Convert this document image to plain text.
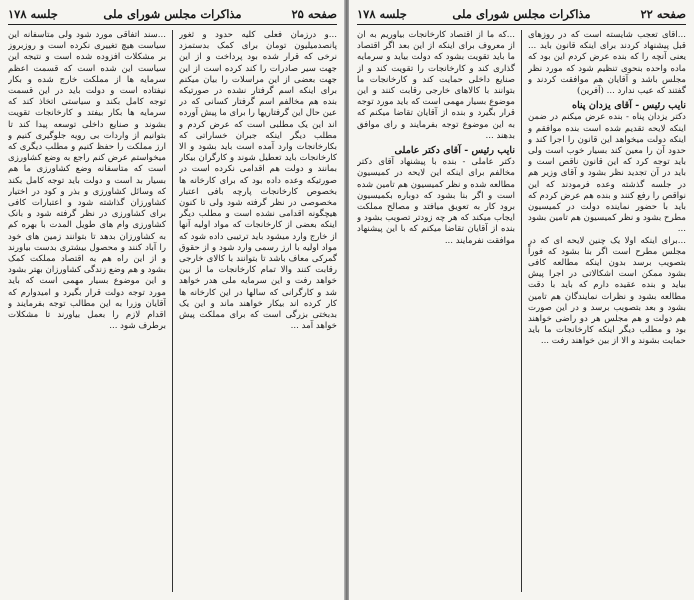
صفحه ۲۵
مذاکرات مجلس شورای ملی
جلسه ۱۷۸

...و درزمان فعلی کلیه حدود و ثغور پانصدمیلیون تومان برای کمک بدستمزد نرخی که قرار شده بود پرداخت و از این جهت سیر صادرات را کند کرده است از این جهت بعضی از این مراسلات را بیان میکنم برای اینکه اسم گرفتار نشده در صورتیکه بنده هم مخالفم اسم گرفتار کسانی که در عین حال این گرفتاریها را برای ما پیش آورده اند این یک مطلبی است که عرض کردم و مطلب دیگر اینکه جبران خساراتی که بکارخانجات وارد آمده است باید بشود و الا کارخانجات باید تعطیل شوند و کارگران بیکار بمانند و دولت هم اقدامی نکرده است در صورتیکه وعده داده بود که برای کارخانه ها بخصوص کارخانجات پارچه بافی اعتبار مخصوصی در نظر گرفته شود ولی تا کنون هیچگونه اقدامی نشده است و مطلب دیگر اینکه بعضی از کارخانجات که مواد اولیه آنها از خارج وارد میشود باید ترتیبی داده شود که مواد اولیه با ارز رسمی وارد شود و از حقوق گمرکی معاف باشد تا بتوانند با کالای خارجی رقابت کنند والا تمام کارخانجات ما از بین خواهد رفت و این سرمایه ملی هدر خواهد شد و کارگرانی که سالها در این کارخانه ها کار کرده اند بیکار خواهند ماند و این یک بدبختی بزرگی است که برای مملکت پیش خواهد آمد ...

...سند اتفاقی مورد شود ولی متاسفانه این سیاست هیچ تغییری نکرده است و روزبروز بر مشکلات افزوده شده است و نتیجه این سیاست این شده است که قسمت اعظم سرمایه ها از مملکت خارج شده و بکار نیفتاده است و دولت باید در این قسمت توجه کامل بکند و سیاستی اتخاذ کند که سرمایه ها بکار بیفتد و کارخانجات تقویت بشوند و صنایع داخلی توسعه پیدا کند تا بتوانیم از واردات بی رویه جلوگیری کنیم و ارز مملکت را حفظ کنیم و مطلب دیگری که میخواستم عرض کنم راجع به وضع کشاورزی است که متاسفانه وضع کشاورزی ما هم بسیار بد است و دولت باید توجه کامل بکند که وسائل کشاورزی و بذر و کود در اختیار کشاورزان گذاشته شود و اعتبارات کافی برای کشاورزی در نظر گرفته شود و بانک کشاورزی وام های طویل المدت با بهره کم به کشاورزان بدهد تا بتوانند زمین های خود را آباد کنند و محصول بیشتری بدست بیاورند و از این راه هم به اقتصاد مملکت کمک بشود و هم وضع زندگی کشاورزان بهتر بشود و این موضوع بسیار مهمی است که باید مورد توجه دولت قرار بگیرد و امیدوارم که آقایان وزرا به این مطالب توجه بفرمایند و اقدام لازم را بعمل بیاورند تا مشکلات برطرف شود ...

صفحه ۲۲
مذاکرات مجلس شورای ملی
جلسه ۱۷۸

...آقای تعجب شایسته است که در روزهای قبل پیشنهاد کردند برای اینکه قانون باید ... یعنی آنچه را که بنده عرض کردم این بود که ماده واحده بنحوی تنظیم شود که مورد نظر مجلس باشد و آقایان هم موافقت کردند و گفتند که عیب ندارد ... (آفرین)

نایب رئیس - آقای یزدان پناه

دکتر یزدان پناه - بنده عرض میکنم در ضمن اینکه لایحه تقدیم شده است بنده موافقم و اینکه دولت میخواهد این قانون را اجرا کند و حدود آن را معین کند بسیار خوب است ولی باید توجه کرد که این قانون ناقص است و باید در آن تجدید نظر بشود و آقای وزیر هم در جلسه گذشته وعده فرمودند که این نواقص را رفع کنند و بنده هم عرض کردم که باید با حضور نماینده دولت در کمیسیون مطرح بشود و نظر کمیسیون هم تامین بشود ...

...برای اینکه اولا یک چنین لایحه ای که در مجلس مطرح است اگر بنا بشود که فوراً بتصویب برسد بدون اینکه مطالعه کافی بشود ممکن است اشکالاتی در اجرا پیش بیاید و بنده عقیده دارم که باید با دقت مطالعه بشود و نظرات نمایندگان هم تامین بشود و بعد بتصویب برسد و در این صورت هم دولت و هم مجلس هر دو راضی خواهند بود و مطلب دیگر اینکه کارخانجات ما باید حمایت بشوند و الا از بین خواهند رفت ...

...که ما از اقتصاد کارخانجات بیاوریم به آن از معروف برای اینکه از این بعد اگر اقتصاد ما باید تقویت بشود که دولت بیاید و سرمایه گذاری کند و کارخانجات را تقویت کند و از صنایع داخلی حمایت کند و کارخانجات ما بتوانند با کالاهای خارجی رقابت کنند و این موضوع بسیار مهمی است که باید مورد توجه قرار بگیرد و بنده از آقایان تقاضا میکنم که به این موضوع توجه بفرمایند و رای موافق بدهند ...

نایب رئیس - آقای دکتر عاملی

دکتر عاملی - بنده با پیشنهاد آقای دکتر مخالفم برای اینکه این لایحه در کمیسیون مطالعه شده و نظر کمیسیون هم تامین شده است و اگر بنا بشود که دوباره بکمیسیون برود کار به تعویق میافتد و مصالح مملکت ایجاب میکند که هر چه زودتر تصویب بشود و بنده از آقایان تقاضا میکنم که با این پیشنهاد موافقت نفرمایند ...
